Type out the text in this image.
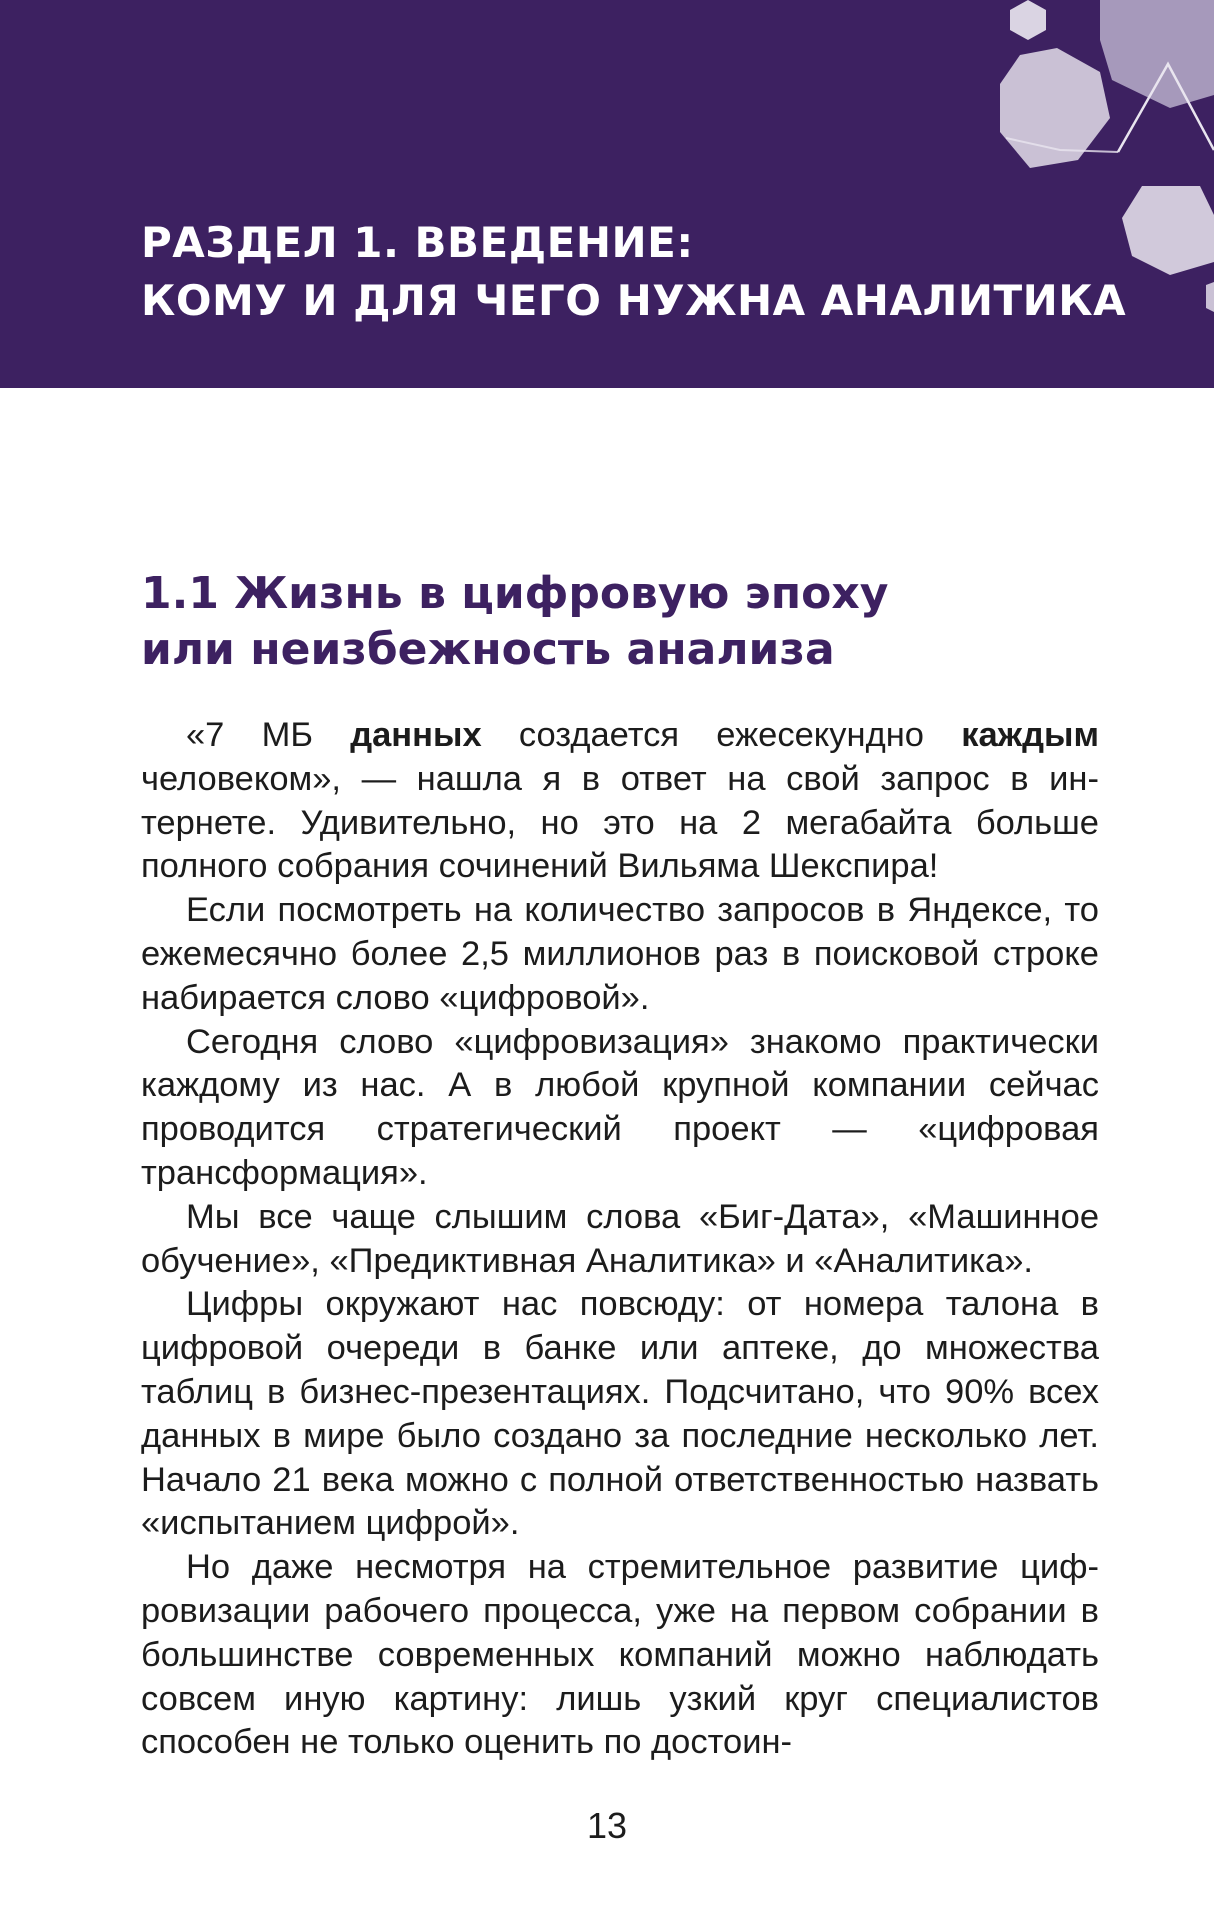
РАЗДЕЛ 1. ВВЕДЕНИЕ:
КОМУ И ДЛЯ ЧЕГО НУЖНА АНАЛИТИКА
1.1 Жизнь в цифровую эпоху
или неизбежность анализа

«7 МБ данных создается ежесекундно каждым человеком», — нашла я в ответ на свой запрос в интернете. Удивительно, но это на 2 мегабайта больше полного собрания сочинений Вильяма Шекспира!

Если посмотреть на количество запросов в Яндексе, то ежемесячно более 2,5 миллионов раз в поисковой строке набирается слово «цифровой».

Сегодня слово «цифровизация» знакомо практически каждому из нас. А в любой крупной компании сейчас проводится стратегический проект — «цифровая трансформация».

Мы все чаще слышим слова «Биг-Дата», «Машинное обучение», «Предиктивная Аналитика» и «Аналитика».

Цифры окружают нас повсюду: от номера талона в цифровой очереди в банке или аптеке, до множества таблиц в бизнес-презентациях. Подсчитано, что 90% всех данных в мире было создано за последние несколько лет. Начало 21 века можно с полной ответственностью назвать «испытанием цифрой».

Но даже несмотря на стремительное развитие цифровизации рабочего процесса, уже на первом собрании в большинстве современных компаний можно наблюдать совсем иную картину: лишь узкий круг специалистов способен не только оценить по достоин-

13
